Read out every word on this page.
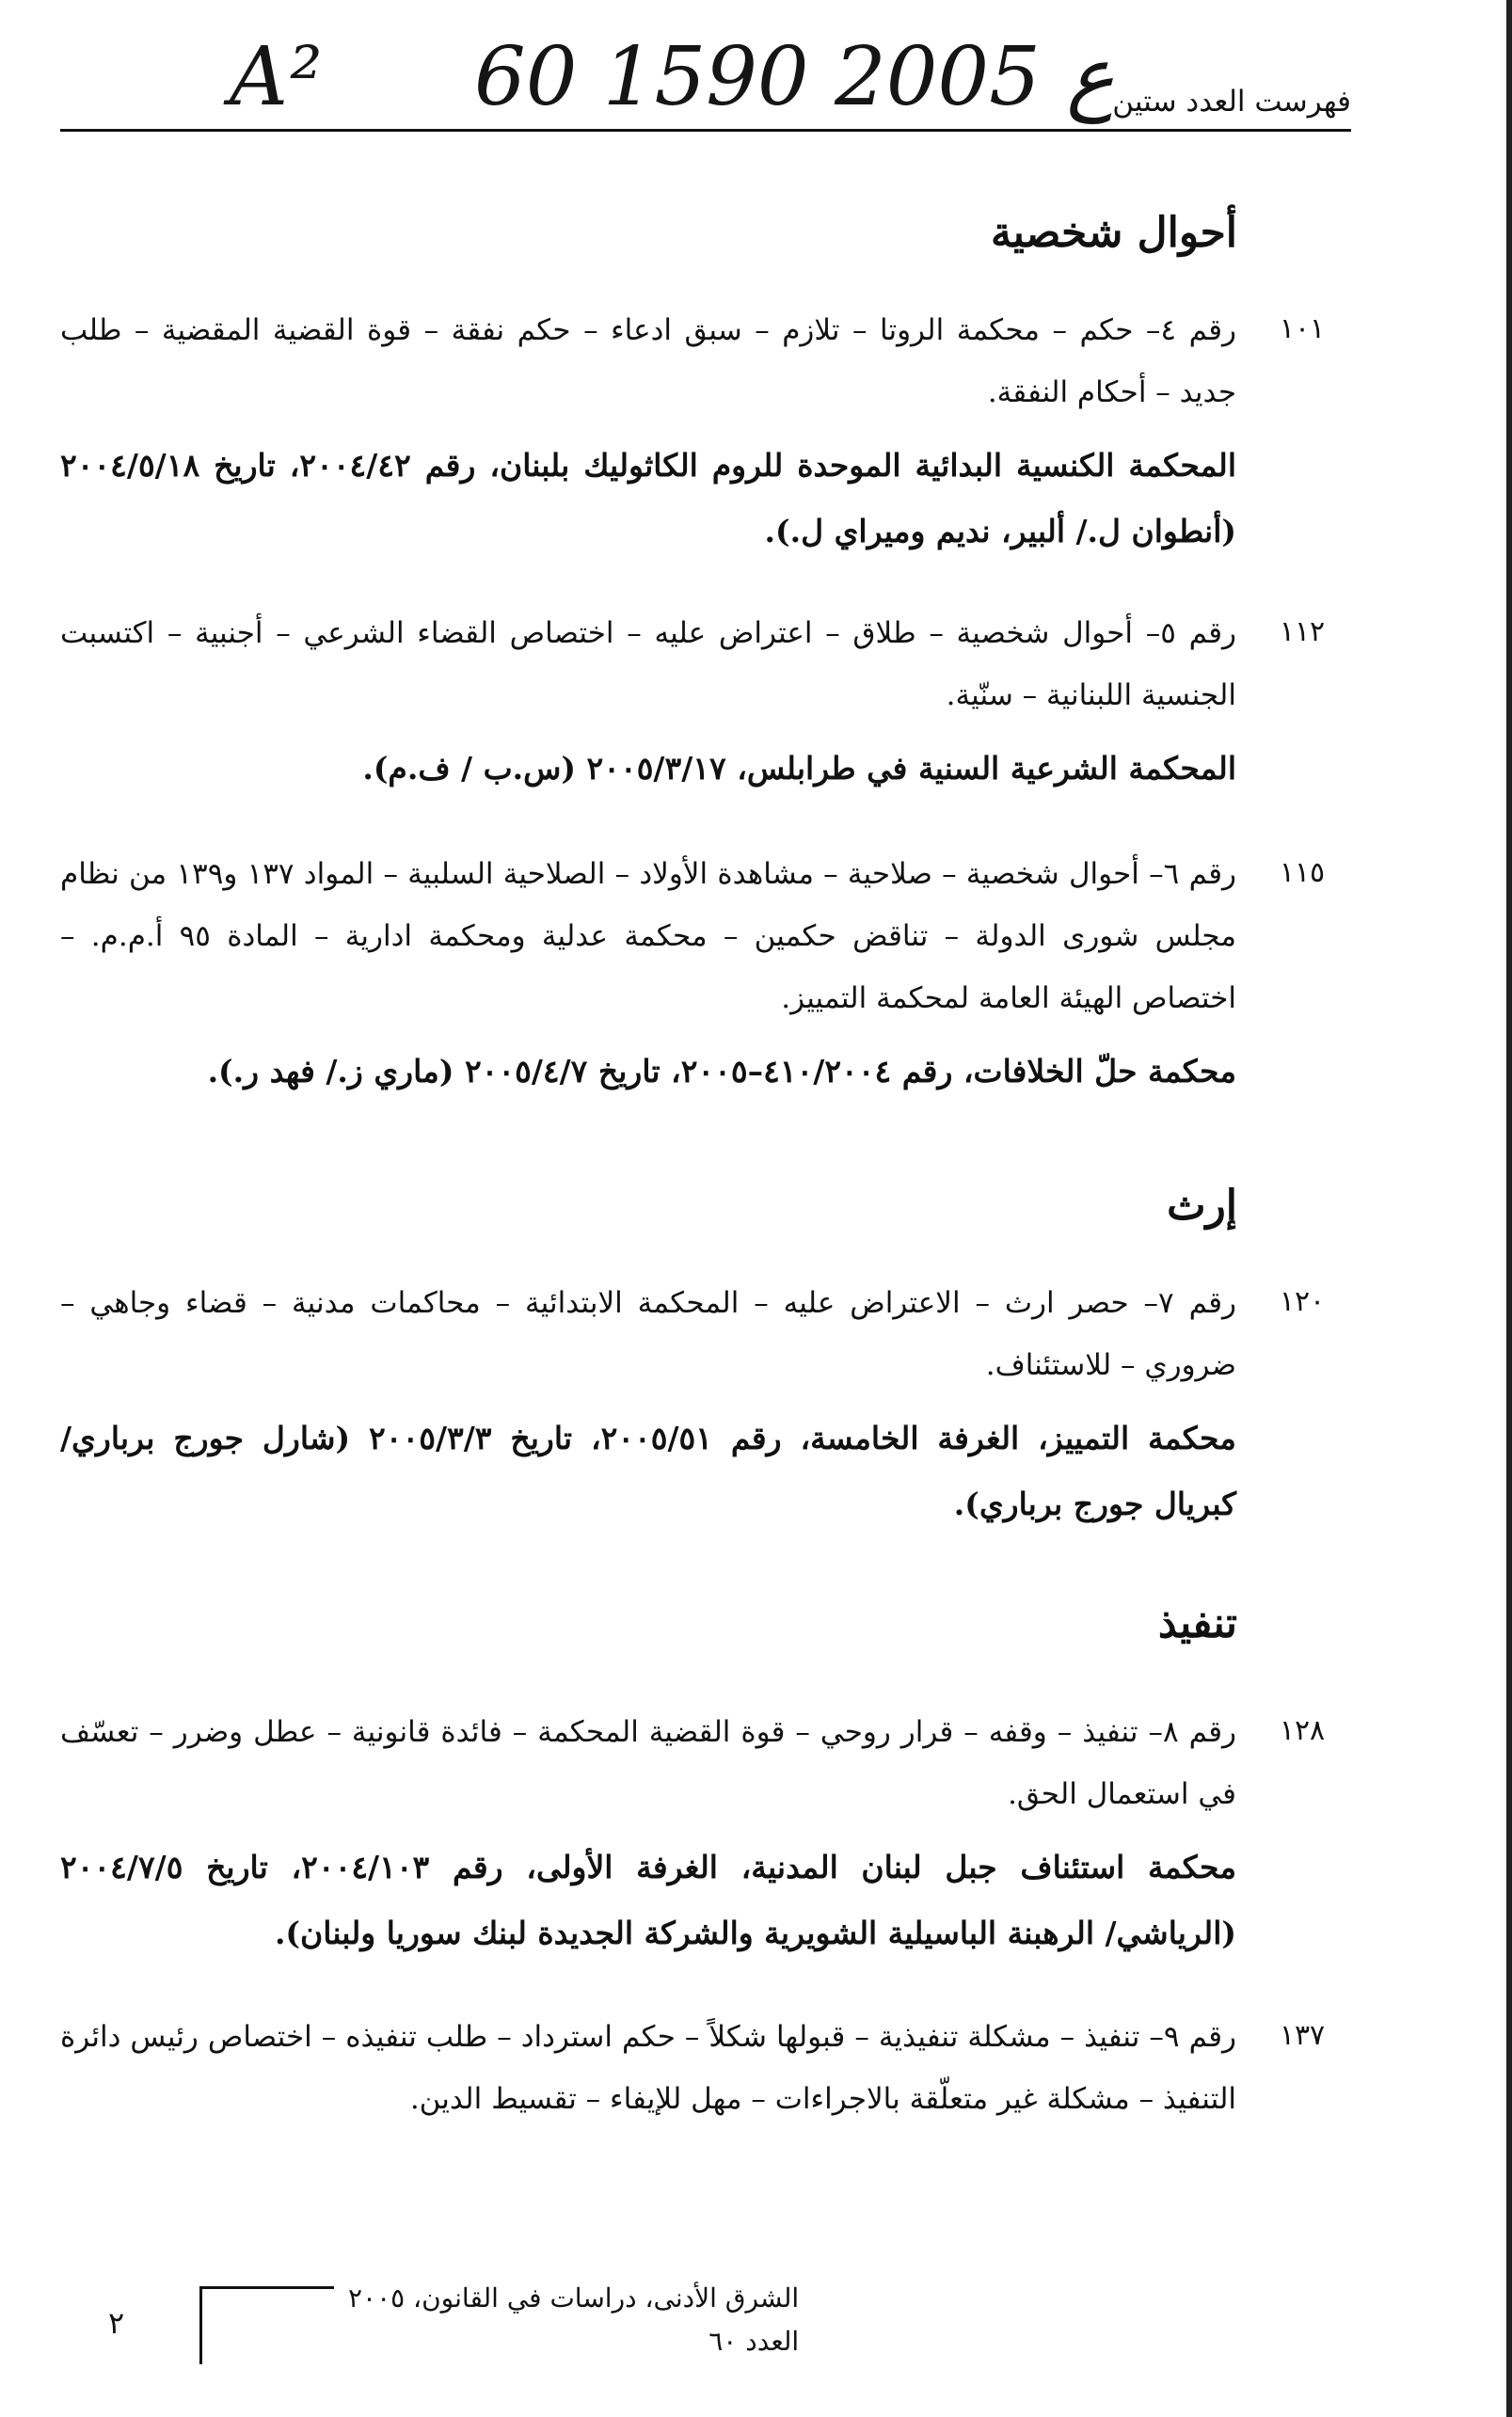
A² 60 ع 2005 1590
فهرست العدد ستين
أحوال شخصية
١٠١
رقم ٤– حكم – محكمة الروتا – تلازم – سبق ادعاء – حكم نفقة – قوة القضية المقضية – طلب جديد – أحكام النفقة.
المحكمة الكنسية البدائية الموحدة للروم الكاثوليك بلبنان، رقم ٢٠٠٤/٤٢، تاريخ ٢٠٠٤/٥/١٨ (أنطوان ل./ ألبير، نديم وميراي ل.).
١١٢
رقم ٥– أحوال شخصية – طلاق – اعتراض عليه – اختصاص القضاء الشرعي – أجنبية – اكتسبت الجنسية اللبنانية – سنّية.
المحكمة الشرعية السنية في طرابلس، ٢٠٠٥/٣/١٧ (س.ب / ف.م).
١١٥
رقم ٦– أحوال شخصية – صلاحية – مشاهدة الأولاد – الصلاحية السلبية – المواد ١٣٧ و١٣٩ من نظام مجلس شورى الدولة – تناقض حكمين – محكمة عدلية ومحكمة ادارية – المادة ٩٥ أ.م.م. – اختصاص الهيئة العامة لمحكمة التمييز.
محكمة حلّ الخلافات، رقم ٤١٠/٢٠٠٤–٢٠٠٥، تاريخ ٢٠٠٥/٤/٧ (ماري ز./ فهد ر.).
إرث
١٢٠
رقم ٧– حصر ارث – الاعتراض عليه – المحكمة الابتدائية – محاكمات مدنية – قضاء وجاهي – ضروري – للاستئناف.
محكمة التمييز، الغرفة الخامسة، رقم ٢٠٠٥/٥١، تاريخ ٢٠٠٥/٣/٣ (شارل جورج برباري/ كبريال جورج برباري).
تنفيذ
١٢٨
رقم ٨– تنفيذ – وقفه – قرار روحي – قوة القضية المحكمة – فائدة قانونية – عطل وضرر – تعسّف في استعمال الحق.
محكمة استئناف جبل لبنان المدنية، الغرفة الأولى، رقم ٢٠٠٤/١٠٣، تاريخ ٢٠٠٤/٧/٥ (الرياشي/ الرهبنة الباسيلية الشويرية والشركة الجديدة لبنك سوريا ولبنان).
١٣٧
رقم ٩– تنفيذ – مشكلة تنفيذية – قبولها شكلاً – حكم استرداد – طلب تنفيذه – اختصاص رئيس دائرة التنفيذ – مشكلة غير متعلّقة بالاجراءات – مهل للإيفاء – تقسيط الدين.
٢
الشرق الأدنى، دراسات في القانون، ٢٠٠٥
العدد ٦٠
